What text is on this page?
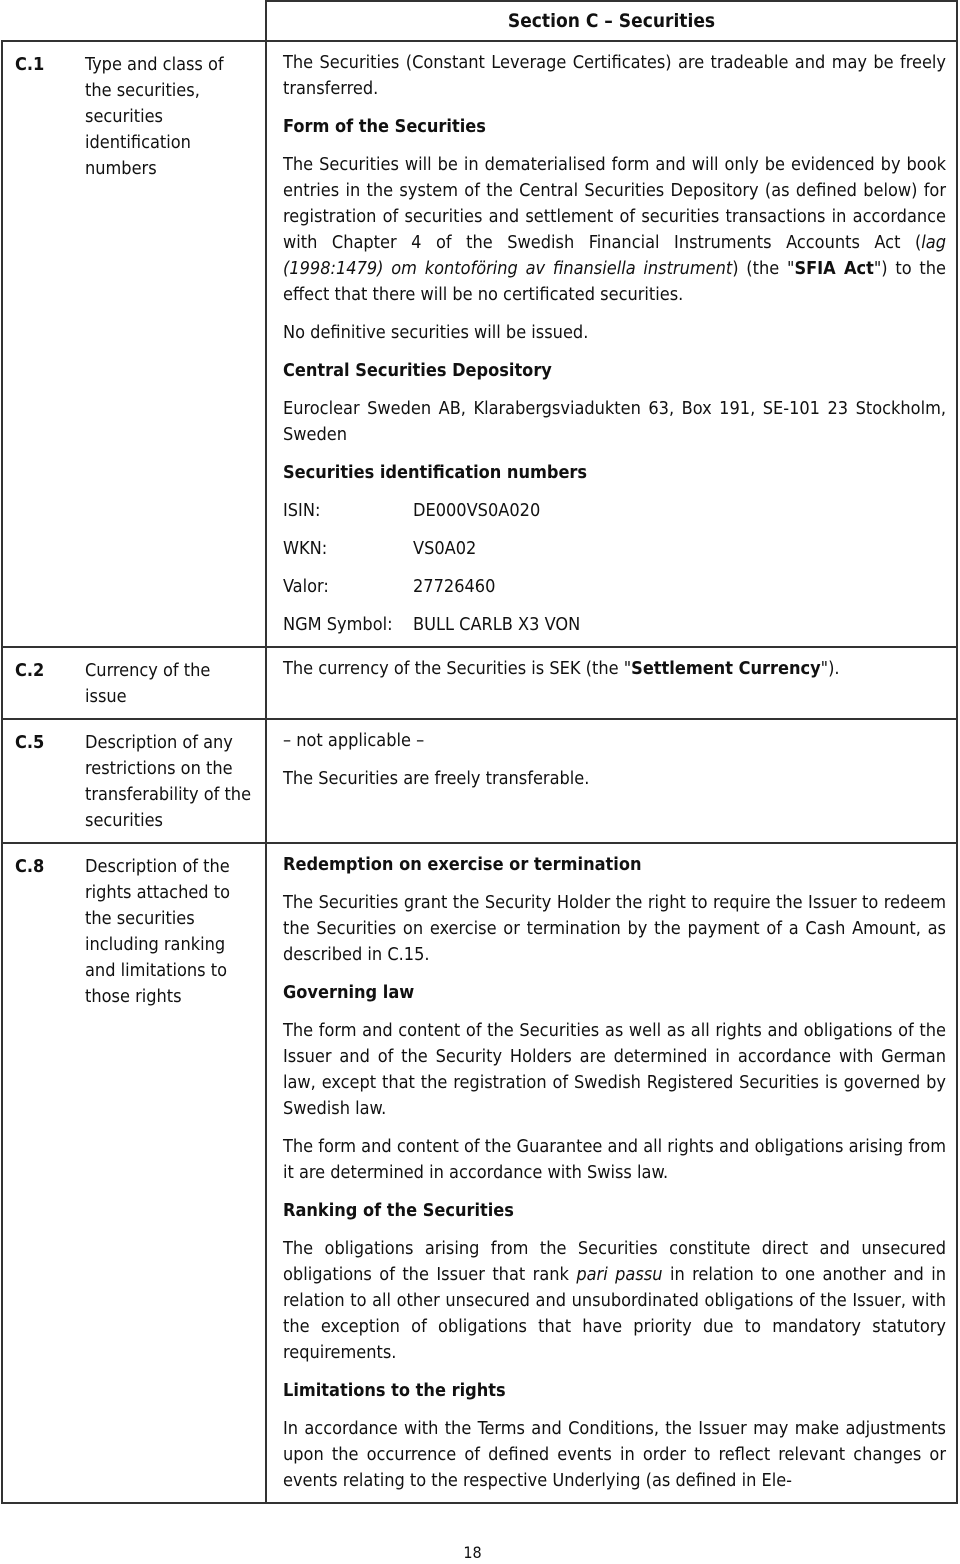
	Section C – Securities
C.1	Type and class of the securities, securities identification numbers	

The Securities (Constant Leverage Certificates) are tradeable and may be freely transferred.

Form of the Securities

The Securities will be in dematerialised form and will only be evidenced by book entries in the system of the Central Securities Depository (as defined below) for registration of securities and settlement of securities transactions in accordance with Chapter 4 of the Swedish Financial Instruments Accounts Act (lag (1998:1479) om kontoföring av finansiella instrument) (the "SFIA Act") to the effect that there will be no certificated securities.

No definitive securities will be issued.

Central Securities Depository

Euroclear Sweden AB, Klarabergsviadukten 63, Box 191, SE-101 23 Stockholm, Sweden

Securities identification numbers

ISIN:	DE000VS0A020
WKN:	VS0A02
Valor:	27726460
NGM Symbol:	BULL CARLB X3 VON

C.2	Currency of the issue	

The currency of the Securities is SEK (the "Settlement Currency").

C.5	Description of any restrictions on the transferability of the securities	

– not applicable –

The Securities are freely transferable.

C.8	Description of the rights attached to the securities including ranking and limitations to those rights	

Redemption on exercise or termination

The Securities grant the Security Holder the right to require the Issuer to redeem the Securities on exercise or termination by the payment of a Cash Amount, as described in C.15.

Governing law

The form and content of the Securities as well as all rights and obligations of the Issuer and of the Security Holders are determined in accordance with German law, except that the registration of Swedish Registered Securities is governed by Swedish law.

The form and content of the Guarantee and all rights and obligations arising from it are determined in accordance with Swiss law.

Ranking of the Securities

The obligations arising from the Securities constitute direct and unsecured obligations of the Issuer that rank pari passu in relation to one another and in relation to all other unsecured and unsubordinated obligations of the Issuer, with the exception of obligations that have priority due to mandatory statutory requirements.

Limitations to the rights

In accordance with the Terms and Conditions, the Issuer may make adjustments upon the occurrence of defined events in order to reflect relevant changes or events relating to the respective Underlying (as defined in Ele-

18
